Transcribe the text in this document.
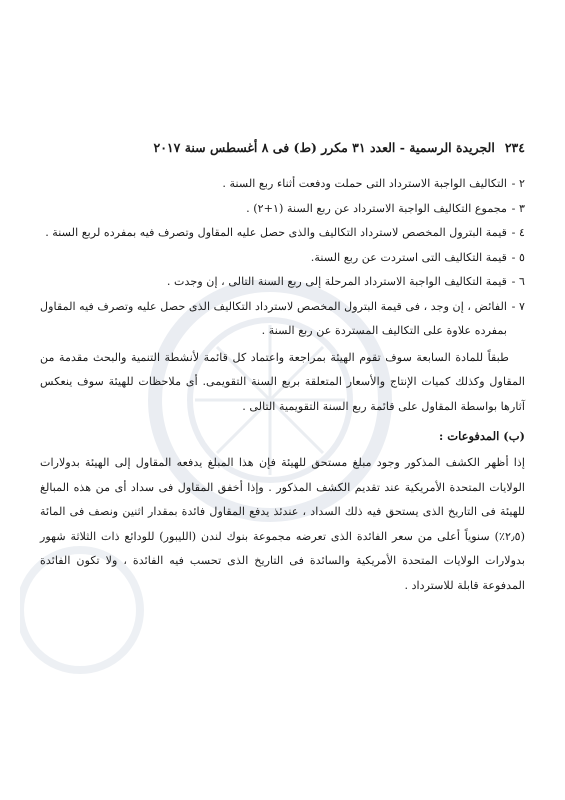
٢٣٤
الجريدة الرسمية - العدد ٣١ مكرر (ط) فى ٨ أغسطس سنة ٢٠١٧
٢ -
التكاليف الواجبة الاسترداد التى حملت ودفعت أثناء ربع السنة .
٣ -
مجموع التكاليف الواجبة الاسترداد عن ربع السنة (١+٢) .
٤ -
قيمة البترول المخصص لاسترداد التكاليف والذى حصل عليه المقاول وتصرف فيه بمفرده لربع السنة .
٥ -
قيمة التكاليف التى استردت عن ربع السنة.
٦ -
قيمة التكاليف الواجبة الاسترداد المرحلة إلى ربع السنة التالى ، إن وجدت .
٧ -
الفائض ، إن وجد ، فى قيمة البترول المخصص لاسترداد التكاليف الذى حصل عليه وتصرف فيه المقاول بمفرده علاوة على التكاليف المستردة عن ربع السنة .
طبقاً للمادة السابعة سوف تقوم الهيئة بمراجعة واعتماد كل قائمة لأنشطة التنمية والبحث مقدمة من المقاول وكذلك كميات الإنتاج والأسعار المتعلقة بربع السنة التقويمى. أى ملاحظات للهيئة سوف ينعكس آثارها بواسطة المقاول على قائمة ربع السنة التقويمية التالى .
(ب) المدفوعات :
إذا أظهر الكشف المذكور وجود مبلغ مستحق للهيئة فإن هذا المبلغ يدفعه المقاول إلى الهيئة بدولارات الولايات المتحدة الأمريكية عند تقديم الكشف المذكور . وإذا أخفق المقاول فى سداد أى من هذه المبالغ للهيئة فى التاريخ الذى يستحق فيه ذلك السداد ، عندئذ يدفع المقاول فائدة بمقدار اثنين ونصف فى المائة (٢٫٥٪) سنوياً أعلى من سعر الفائدة الذى تعرضه مجموعة بنوك لندن (الليبور) للودائع ذات الثلاثة شهور بدولارات الولايات المتحدة الأمريكية والسائدة فى التاريخ الذى تحسب فيه الفائدة ، ولا تكون الفائدة المدفوعة قابلة للاسترداد .
